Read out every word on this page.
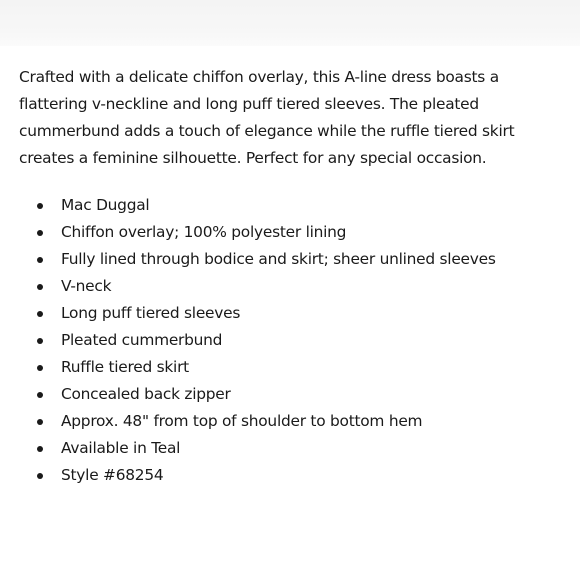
Crafted with a delicate chiffon overlay, this A-line dress boasts a flattering v-neckline and long puff tiered sleeves. The pleated cummerbund adds a touch of elegance while the ruffle tiered skirt creates a feminine silhouette. Perfect for any special occasion.

Mac Duggal
Chiffon overlay; 100% polyester lining
Fully lined through bodice and skirt; sheer unlined sleeves
V-neck
Long puff tiered sleeves
Pleated cummerbund
Ruffle tiered skirt
Concealed back zipper
Approx. 48" from top of shoulder to bottom hem
Available in Teal
Style #68254
